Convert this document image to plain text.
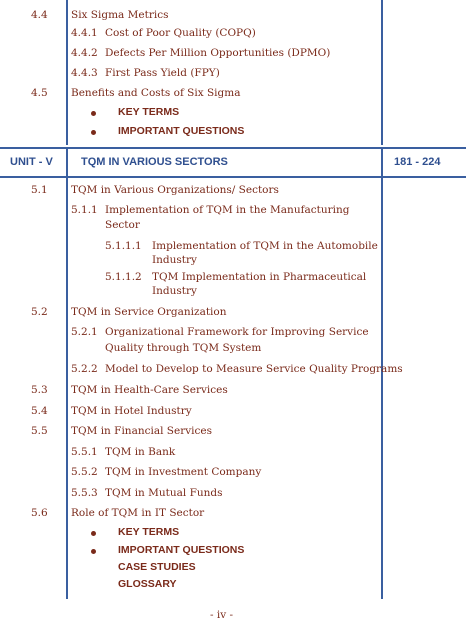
4.4 Six Sigma Metrics
4.4.1 Cost of Poor Quality (COPQ)
4.4.2 Defects Per Million Opportunities (DPMO)
4.4.3 First Pass Yield (FPY)
4.5 Benefits and Costs of Six Sigma
KEY TERMS
IMPORTANT QUESTIONS
UNIT - V	TQM IN VARIOUS SECTORS	181 - 224
5.1 TQM in Various Organizations/ Sectors
5.1.1 Implementation of TQM in the Manufacturing
Sector
5.1.1.1 Implementation of TQM in the Automobile
Industry
5.1.1.2 TQM Implementation in Pharmaceutical
Industry
5.2 TQM in Service Organization
5.2.1 Organizational Framework for Improving Service
Quality through TQM System
5.2.2 Model to Develop to Measure Service Quality Programs
5.3 TQM in Health-Care Services
5.4 TQM in Hotel Industry
5.5 TQM in Financial Services
5.5.1 TQM in Bank
5.5.2 TQM in Investment Company
5.5.3 TQM in Mutual Funds
5.6 Role of TQM in IT Sector
KEY TERMS
IMPORTANT QUESTIONS
CASE STUDIES
GLOSSARY
- iv -
